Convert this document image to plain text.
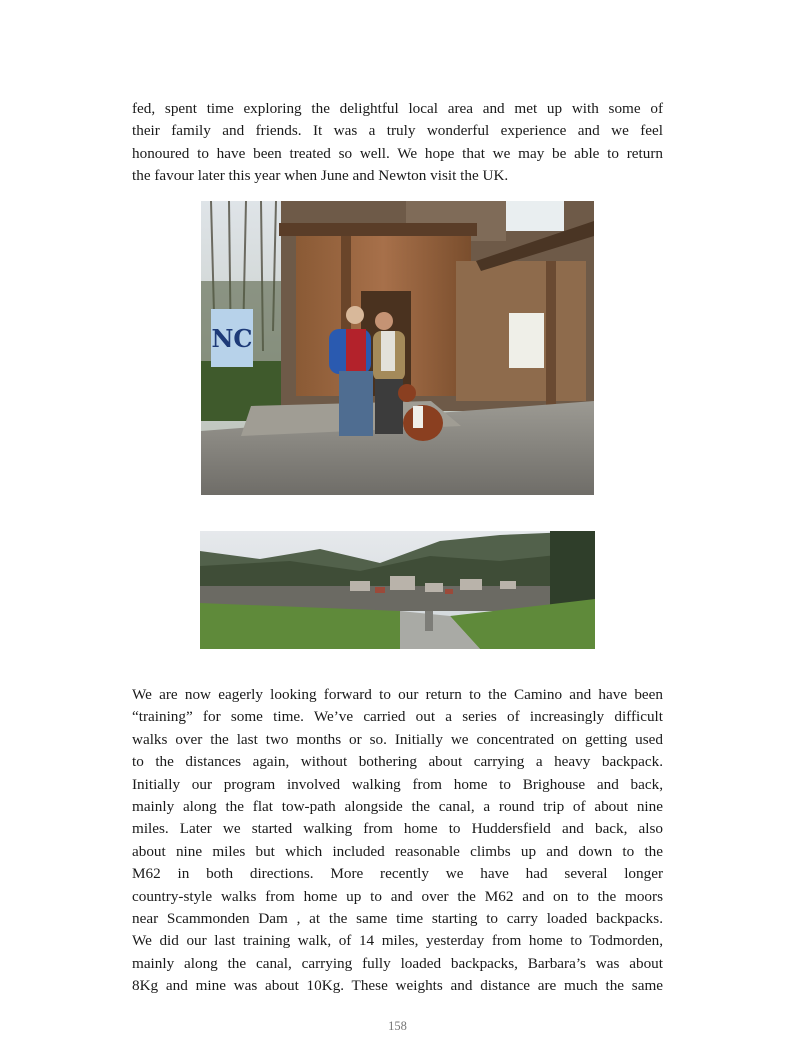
fed, spent time exploring the delightful local area and met up with some of
their family and friends. It was a truly wonderful experience and we feel
honoured to have been treated so well. We hope that we may be able to return
the favour later this year when June and Newton visit the UK.

NC

We are now eagerly looking forward to our return to the Camino and have been
“training” for some time. We’ve carried out a series of increasingly difficult
walks over the last two months or so. Initially we concentrated on getting used
to the distances again, without bothering about carrying a heavy backpack.
Initially our program involved walking from home to Brighouse and back,
mainly along the flat tow-path alongside the canal, a round trip of about nine
miles. Later we started walking from home to Huddersfield and back, also
about nine miles but which included reasonable climbs up and down to the
M62 in both directions. More recently we have had several longer
country-style walks from home up to and over the M62 and on to the moors
near Scammonden Dam , at the same time starting to carry loaded backpacks.
We did our last training walk, of 14 miles, yesterday from home to Todmorden,
mainly along the canal, carrying fully loaded backpacks, Barbara’s was about
8Kg and mine was about 10Kg. These weights and distance are much the same

158
